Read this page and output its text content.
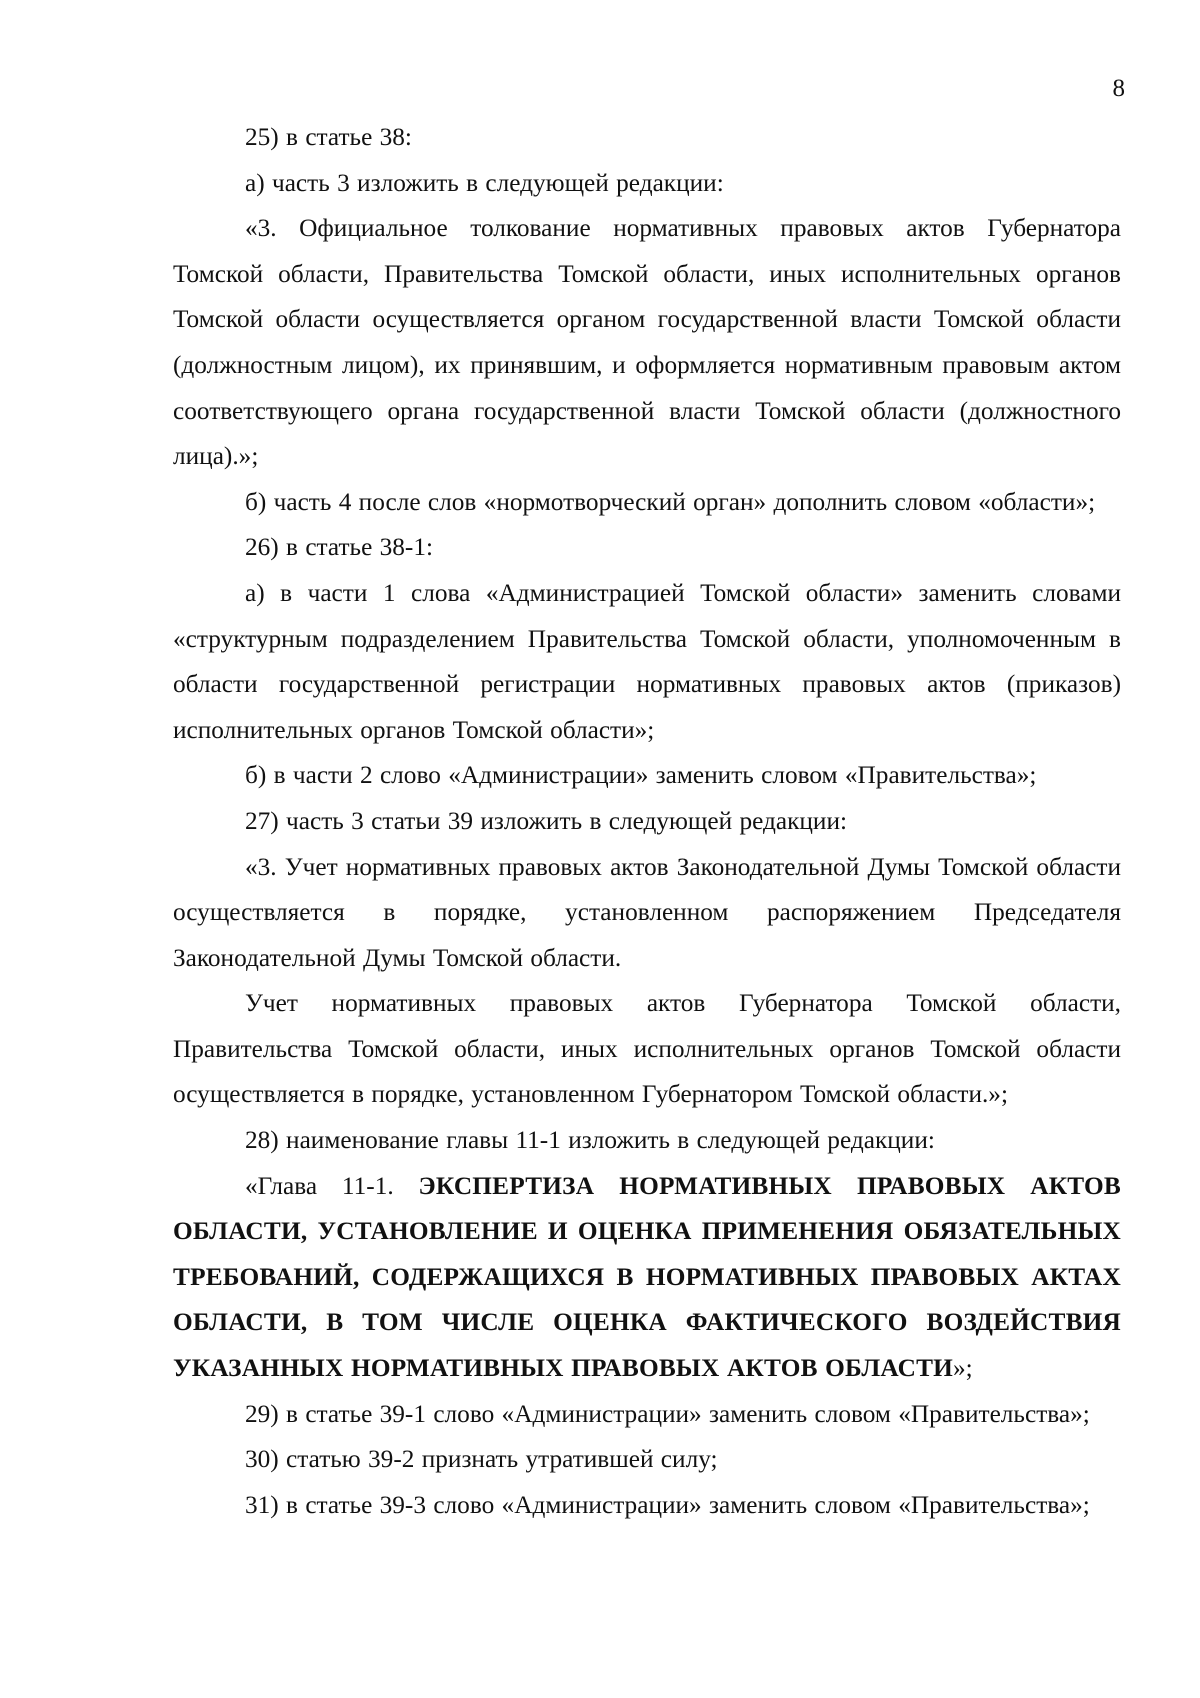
8

25) в статье 38:

а) часть 3 изложить в следующей редакции:

«3. Официальное толкование нормативных правовых актов Губернатора Томской области, Правительства Томской области, иных исполнительных органов Томской области осуществляется органом государственной власти Томской области (должностным лицом), их принявшим, и оформляется нормативным правовым актом соответствующего органа государственной власти Томской области (должностного лица).»;

б) часть 4 после слов «нормотворческий орган» дополнить словом «области»;

26) в статье 38-1:

а) в части 1 слова «Администрацией Томской области» заменить словами «структурным подразделением Правительства Томской области, уполномоченным в области государственной регистрации нормативных правовых актов (приказов) исполнительных органов Томской области»;

б) в части 2 слово «Администрации» заменить словом «Правительства»;

27) часть 3 статьи 39 изложить в следующей редакции:

«3. Учет нормативных правовых актов Законодательной Думы Томской области осуществляется в порядке, установленном распоряжением Председателя Законодательной Думы Томской области.

Учет нормативных правовых актов Губернатора Томской области, Правительства Томской области, иных исполнительных органов Томской области осуществляется в порядке, установленном Губернатором Томской области.»;

28) наименование главы 11-1 изложить в следующей редакции:

«Глава 11-1. ЭКСПЕРТИЗА НОРМАТИВНЫХ ПРАВОВЫХ АКТОВ ОБЛАСТИ, УСТАНОВЛЕНИЕ И ОЦЕНКА ПРИМЕНЕНИЯ ОБЯЗАТЕЛЬНЫХ ТРЕБОВАНИЙ, СОДЕРЖАЩИХСЯ В НОРМАТИВНЫХ ПРАВОВЫХ АКТАХ ОБЛАСТИ, В ТОМ ЧИСЛЕ ОЦЕНКА ФАКТИЧЕСКОГО ВОЗДЕЙСТВИЯ УКАЗАННЫХ НОРМАТИВНЫХ ПРАВОВЫХ АКТОВ ОБЛАСТИ»;

29) в статье 39-1 слово «Администрации» заменить словом «Правительства»;

30) статью 39-2 признать утратившей силу;

31) в статье 39-3 слово «Администрации» заменить словом «Правительства»;
